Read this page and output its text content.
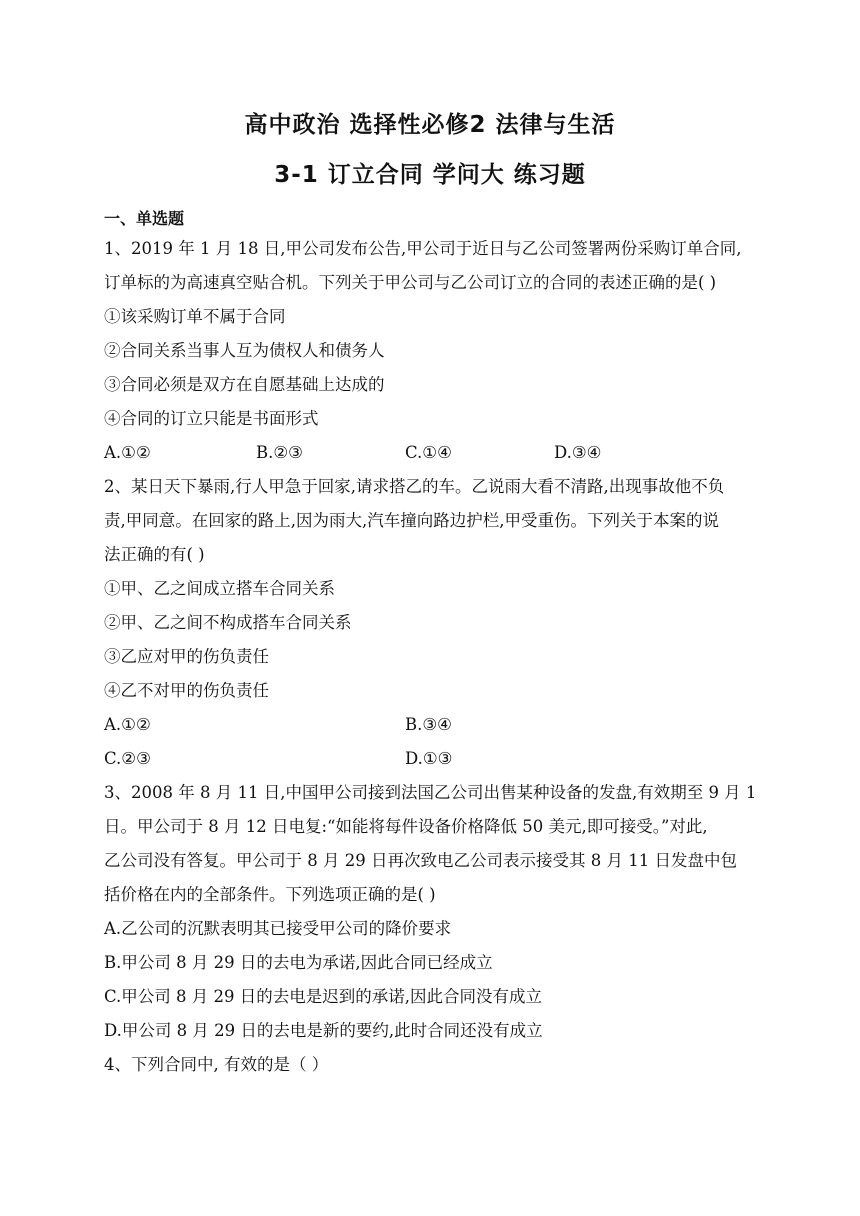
高中政治 选择性必修2 法律与生活
3-1 订立合同 学问大 练习题
一、单选题
1、2019 年 1 月 18 日,甲公司发布公告,甲公司于近日与乙公司签署两份采购订单合同,
订单标的为高速真空贴合机。下列关于甲公司与乙公司订立的合同的表述正确的是( )
①该采购订单不属于合同
②合同关系当事人互为债权人和债务人
③合同必须是双方在自愿基础上达成的
④合同的订立只能是书面形式
A.①②	B.②③	C.①④	D.③④
2、某日天下暴雨,行人甲急于回家,请求搭乙的车。乙说雨大看不清路,出现事故他不负
责,甲同意。在回家的路上,因为雨大,汽车撞向路边护栏,甲受重伤。下列关于本案的说
法正确的有( )
①甲、乙之间成立搭车合同关系
②甲、乙之间不构成搭车合同关系
③乙应对甲的伤负责任
④乙不对甲的伤负责任
A.①②	B.③④
C.②③	D.①③
3、2008 年 8 月 11 日,中国甲公司接到法国乙公司出售某种设备的发盘,有效期至 9 月 1
日。甲公司于 8 月 12 日电复:“如能将每件设备价格降低 50 美元,即可接受。”对此,
乙公司没有答复。甲公司于 8 月 29 日再次致电乙公司表示接受其 8 月 11 日发盘中包
括价格在内的全部条件。下列选项正确的是( )
A.乙公司的沉默表明其已接受甲公司的降价要求
B.甲公司 8 月 29 日的去电为承诺,因此合同已经成立
C.甲公司 8 月 29 日的去电是迟到的承诺,因此合同没有成立
D.甲公司 8 月 29 日的去电是新的要约,此时合同还没有成立
4、下列合同中, 有效的是（ ）
